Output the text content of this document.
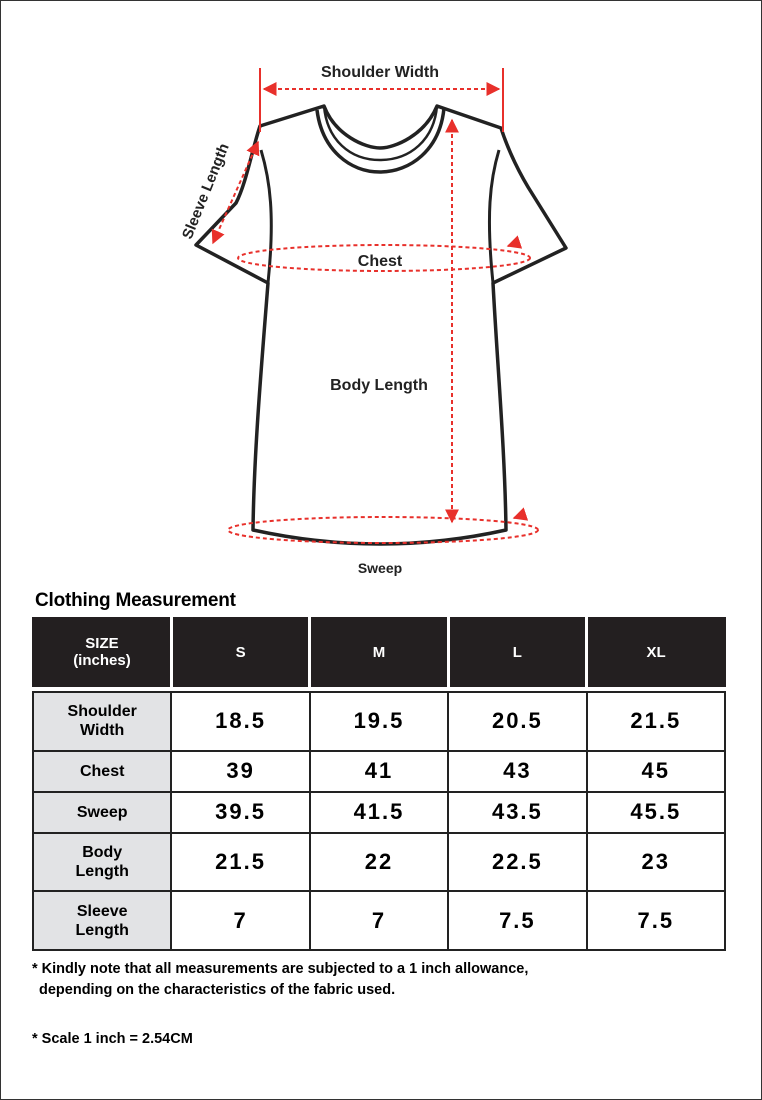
Shoulder Width
Sleeve Length
Chest
Body Length
Sweep
Clothing Measurement
SIZE
(inches)	S	M	L	XL

Shoulder
Width	18.5	19.5	20.5	21.5
Chest	39	41	43	45
Sweep	39.5	41.5	43.5	45.5
Body
Length	21.5	22	22.5	23
Sleeve
Length	7	7	7.5	7.5
* Kindly note that all measurements are subjected to a 1 inch allowance,
depending on the characteristics of the fabric used.
* Scale 1 inch = 2.54CM
